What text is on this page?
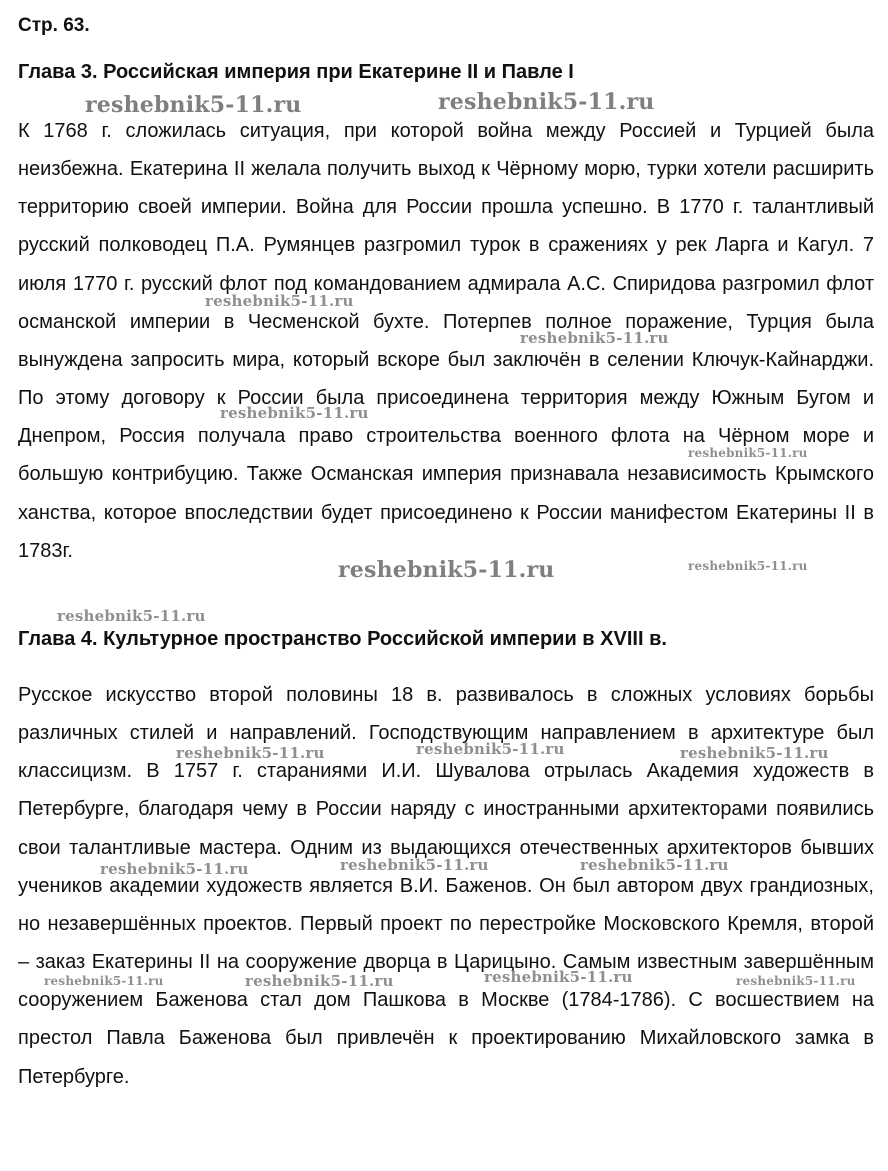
Стр. 63.
Глава 3. Российская империя при Екатерине II и Павле I

К 1768 г. сложилась ситуация, при которой война между Россией и Турцией была неизбежна. Екатерина II желала получить выход к Чёрному морю, турки хотели расширить территорию своей империи. Война для России прошла успешно. В 1770 г. талантливый русский полководец П.А. Румянцев разгромил турок в сражениях у рек Ларга и Кагул. 7 июля 1770 г. русский флот под командованием адмирала А.С. Спиридова разгромил флот османской империи в Чесменской бухте. Потерпев полное поражение, Турция была вынуждена запросить мира, который вскоре был заключён в селении Ключук-Кайнарджи. По этому договору к России была присоединена территория между Южным Бугом и Днепром, Россия получала право строительства военного флота на Чёрном море и большую контрибуцию. Также Османская империя признавала независимость Крымского ханства, которое впоследствии будет присоединено к России манифестом Екатерины II в 1783г.

Глава 4. Культурное пространство Российской империи в XVIII в.

Русское искусство второй половины 18 в. развивалось в сложных условиях борьбы различных стилей и направлений. Господствующим направлением в архитектуре был классицизм. В 1757 г. стараниями И.И. Шувалова отрылась Академия художеств в Петербурге, благодаря чему в России наряду с иностранными архитекторами появились свои талантливые мастера. Одним из выдающихся отечественных архитекторов бывших учеников академии художеств является В.И. Баженов. Он был автором двух грандиозных, но незавершённых проектов. Первый проект по перестройке Московского Кремля, второй – заказ Екатерины II на сооружение дворца в Царицыно. Самым известным завершённым сооружением Баженова стал дом Пашкова в Москве (1784-1786). С восшествием на престол Павла Баженова был привлечён к проектированию Михайловского замка в Петербурге.

reshebnik5-11.ru	reshebnik5-11.ru
reshebnik5-11.ru
reshebnik5-11.ru
reshebnik5-11.ru
reshebnik5-11.ru
reshebnik5-11.ru	reshebnik5-11.ru
reshebnik5-11.ru
reshebnik5-11.ru	reshebnik5-11.ru	reshebnik5-11.ru
reshebnik5-11.ru	reshebnik5-11.ru	reshebnik5-11.ru
reshebnik5-11.ru	reshebnik5-11.ru	reshebnik5-11.ru	reshebnik5-11.ru
